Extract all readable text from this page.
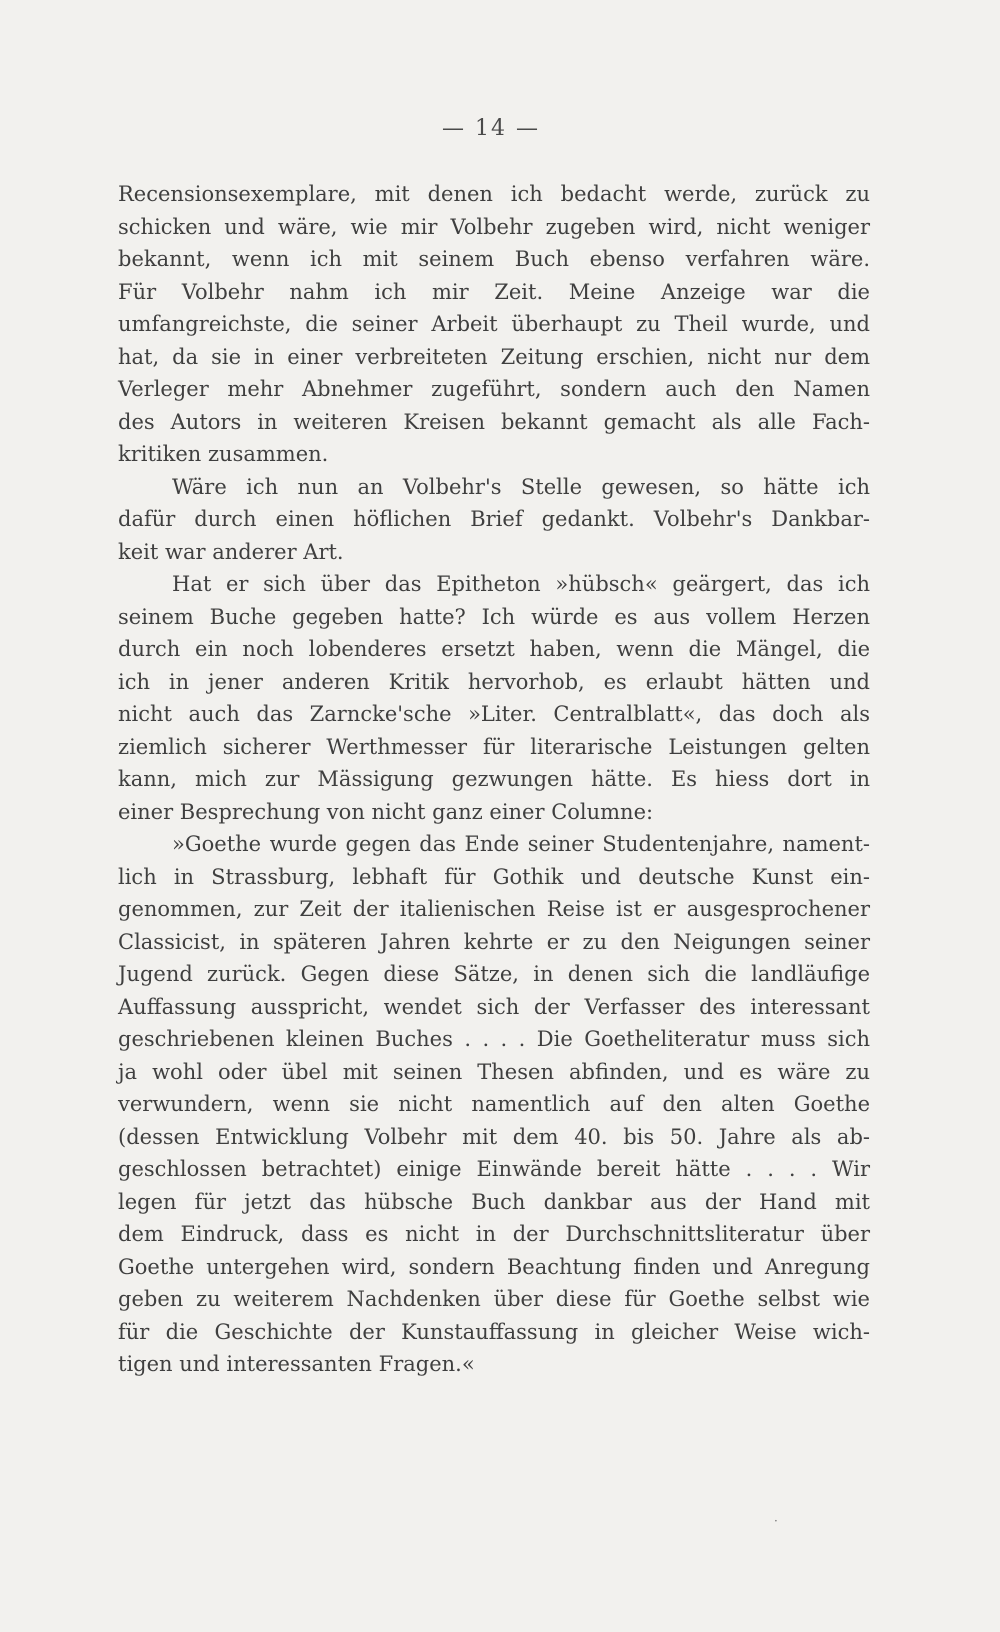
— 14 —
Recensionsexemplare, mit denen ich bedacht werde, zurück zu
schicken und wäre, wie mir Volbehr zugeben wird, nicht weniger
bekannt, wenn ich mit seinem Buch ebenso verfahren wäre.
Für Volbehr nahm ich mir Zeit. Meine Anzeige war die
umfangreichste, die seiner Arbeit überhaupt zu Theil wurde, und
hat, da sie in einer verbreiteten Zeitung erschien, nicht nur dem
Verleger mehr Abnehmer zugeführt, sondern auch den Namen
des Autors in weiteren Kreisen bekannt gemacht als alle Fach-
kritiken zusammen.
Wäre ich nun an Volbehr's Stelle gewesen, so hätte ich
dafür durch einen höflichen Brief gedankt. Volbehr's Dankbar-
keit war anderer Art.
Hat er sich über das Epitheton »hübsch« geärgert, das ich
seinem Buche gegeben hatte? Ich würde es aus vollem Herzen
durch ein noch lobenderes ersetzt haben, wenn die Mängel, die
ich in jener anderen Kritik hervorhob, es erlaubt hätten und
nicht auch das Zarncke'sche »Liter. Centralblatt«, das doch als
ziemlich sicherer Werthmesser für literarische Leistungen gelten
kann, mich zur Mässigung gezwungen hätte. Es hiess dort in
einer Besprechung von nicht ganz einer Columne:
»Goethe wurde gegen das Ende seiner Studentenjahre, nament-
lich in Strassburg, lebhaft für Gothik und deutsche Kunst ein-
genommen, zur Zeit der italienischen Reise ist er ausgesprochener
Classicist, in späteren Jahren kehrte er zu den Neigungen seiner
Jugend zurück. Gegen diese Sätze, in denen sich die landläufige
Auffassung ausspricht, wendet sich der Verfasser des interessant
geschriebenen kleinen Buches . . . . Die Goetheliteratur muss sich
ja wohl oder übel mit seinen Thesen abfinden, und es wäre zu
verwundern, wenn sie nicht namentlich auf den alten Goethe
(dessen Entwicklung Volbehr mit dem 40. bis 50. Jahre als ab-
geschlossen betrachtet) einige Einwände bereit hätte . . . . Wir
legen für jetzt das hübsche Buch dankbar aus der Hand mit
dem Eindruck, dass es nicht in der Durchschnittsliteratur über
Goethe untergehen wird, sondern Beachtung finden und Anregung
geben zu weiterem Nachdenken über diese für Goethe selbst wie
für die Geschichte der Kunstauffassung in gleicher Weise wich-
tigen und interessanten Fragen.«
·
